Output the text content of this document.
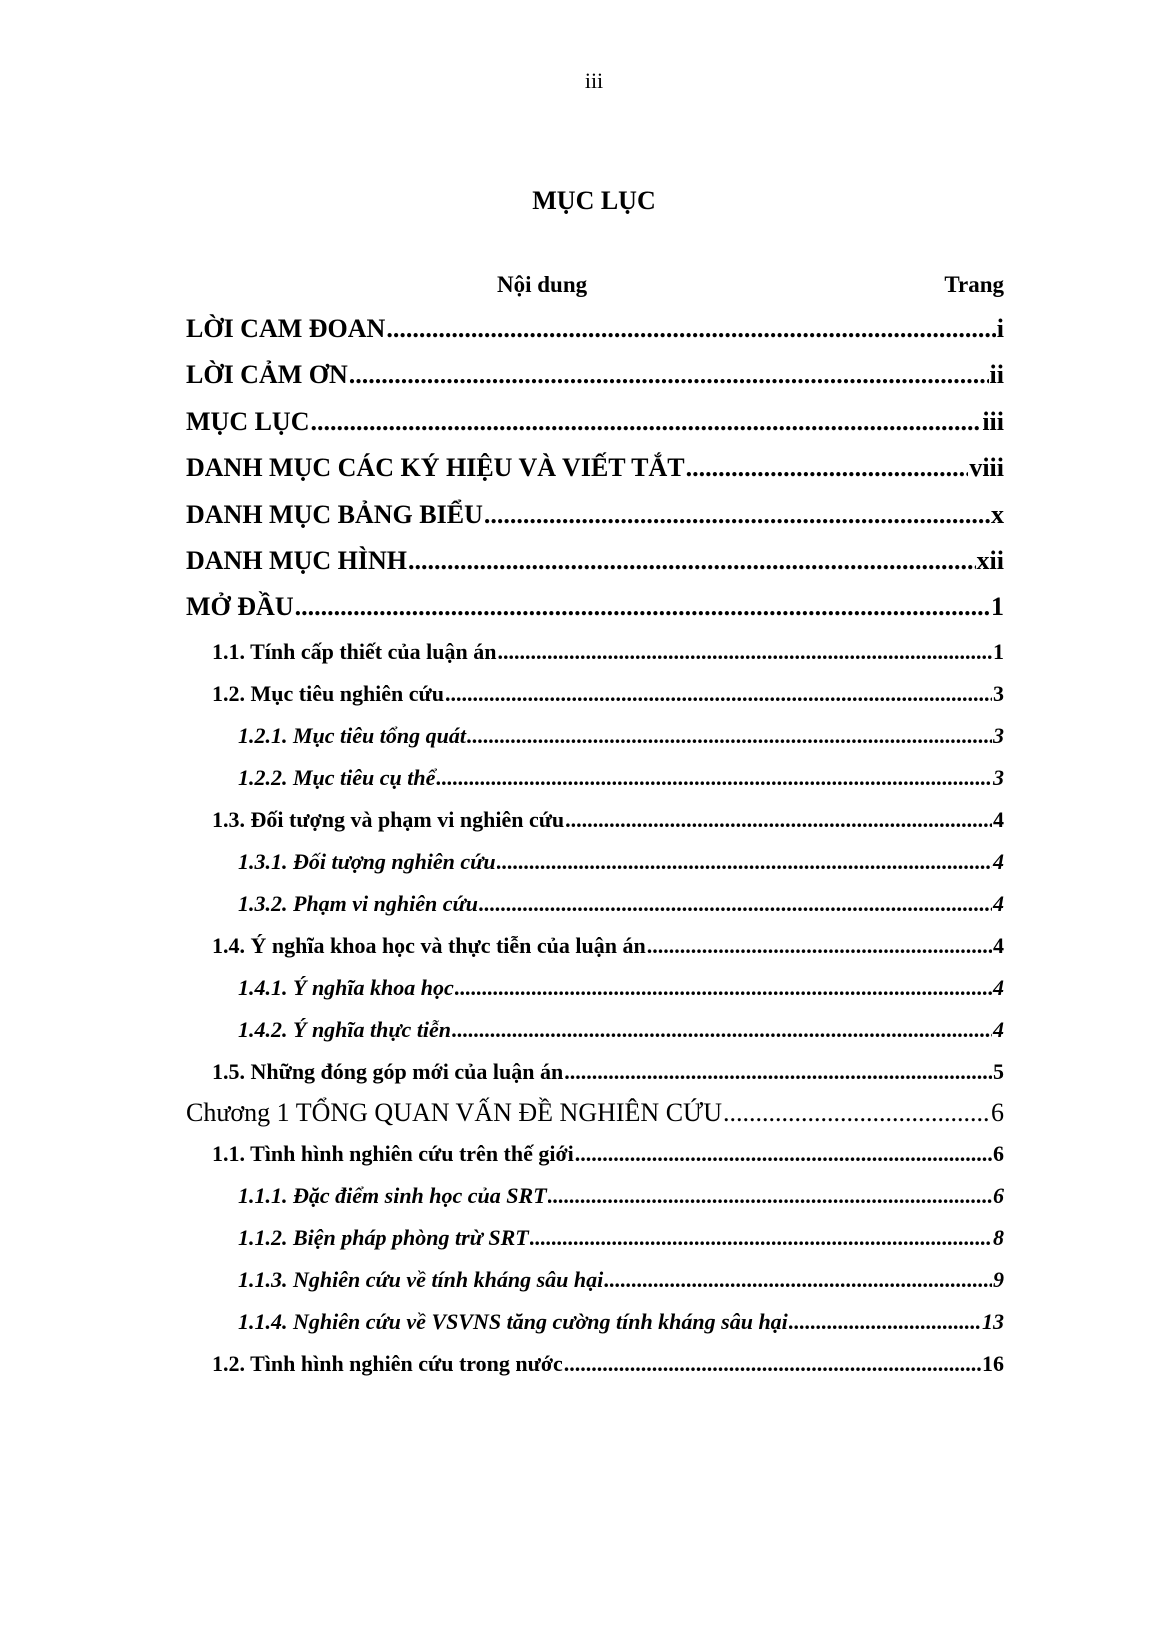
iii
MỤC LỤC
Nội dung	Trang
LỜI CAM ĐOAN .....	i
LỜI CẢM ƠN .....	ii
MỤC LỤC .....	iii
DANH MỤC CÁC KÝ HIỆU VÀ VIẾT TẮT .....	viii
DANH MỤC BẢNG BIỂU .....	x
DANH MỤC HÌNH .....	xii
MỞ ĐẦU .....	1
1.1. Tính cấp thiết của luận án .....	1
1.2. Mục tiêu nghiên cứu .....	3
1.2.1. Mục tiêu tổng quát .....	3
1.2.2. Mục tiêu cụ thể .....	3
1.3. Đối tượng và phạm vi nghiên cứu .....	4
1.3.1. Đối tượng nghiên cứu .....	4
1.3.2. Phạm vi nghiên cứu .....	4
1.4. Ý nghĩa khoa học và thực tiễn của luận án .....	4
1.4.1. Ý nghĩa khoa học .....	4
1.4.2. Ý nghĩa thực tiễn .....	4
1.5. Những đóng góp mới của luận án .....	5
Chương 1 TỔNG QUAN VẤN ĐỀ NGHIÊN CỨU .....	6
1.1. Tình hình nghiên cứu trên thế giới .....	6
1.1.1. Đặc điểm sinh học của SRT .....	6
1.1.2. Biện pháp phòng trừ SRT .....	8
1.1.3. Nghiên cứu về tính kháng sâu hại .....	9
1.1.4. Nghiên cứu về VSVNS tăng cường tính kháng sâu hại .....	13
1.2. Tình hình nghiên cứu trong nước .....	16
